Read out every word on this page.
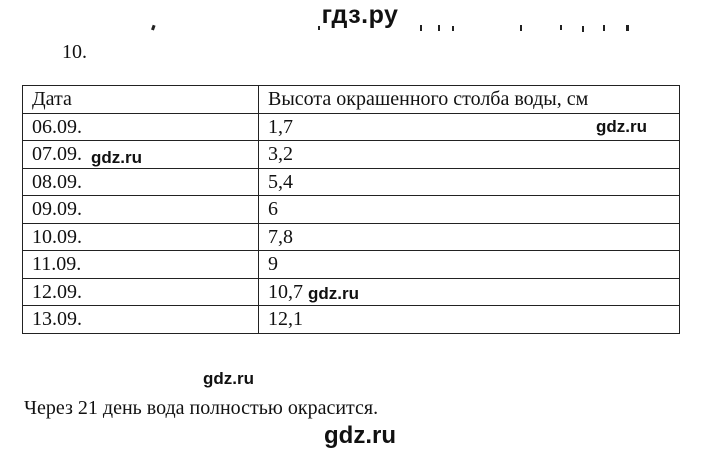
гдз.ру
10.
Дата	Высота окрашенного столба воды, см
06.09.	1,7
07.09.	3,2
08.09.	5,4
09.09.	6
10.09.	7,8
11.09.	9
12.09.	10,7
13.09.	12,1
gdz.ru
gdz.ru
gdz.ru
gdz.ru
Через 21 день вода полностью окрасится.
gdz.ru
